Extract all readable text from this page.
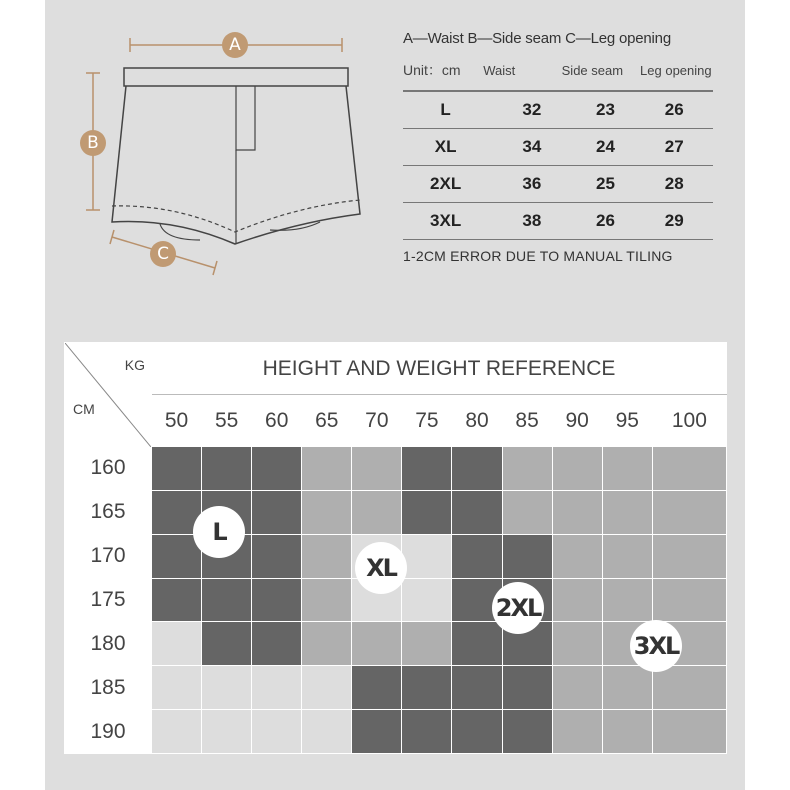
A
B
C
A—Waist B—Side seam C—Leg opening
Unit：cm	Waist	Side seam	Leg opening
L	32	23	26
XL	34	24	27
2XL	36	25	28
3XL	38	26	29
1-2CM ERROR DUE TO MANUAL TILING
KG
CM	HEIGHT AND WEIGHT REFERENCE										
	50	55	60	65	70	75	80	85	90	95	100
160											
165											
170											
175											
180											
185											
190											
L
XL
2XL
3XL
